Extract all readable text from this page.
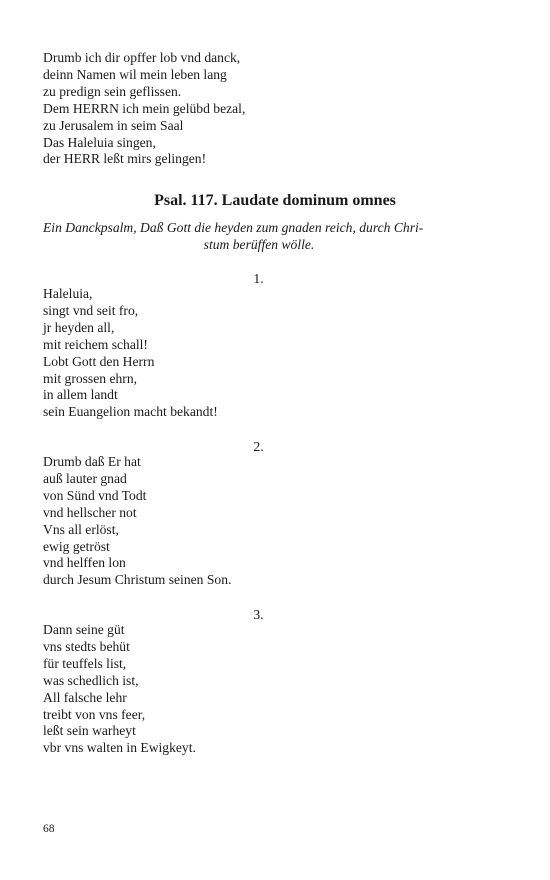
Drumb ich dir opffer lob vnd danck,
deinn Namen wil mein leben lang
zu predign sein geflissen.
Dem HERRN ich mein gelübd bezal,
zu Jerusalem in seim Saal
Das Haleluia singen,
der HERR leßt mirs gelingen!
Psal. 117. Laudate dominum omnes
Ein Danckpsalm, Daß Gott die heyden zum gnaden reich, durch Chri-
stum berüffen wölle.
1.
Haleluia,
singt vnd seit fro,
jr heyden all,
mit reichem schall!
Lobt Gott den Herrn
mit grossen ehrn,
in allem landt
sein Euangelion macht bekandt!
2.
Drumb daß Er hat
auß lauter gnad
von Sünd vnd Todt
vnd hellscher not
Vns all erlöst,
ewig getröst
vnd helffen lon
durch Jesum Christum seinen Son.
3.
Dann seine güt
vns stedts behüt
für teuffels list,
was schedlich ist,
All falsche lehr
treibt von vns feer,
leßt sein warheyt
vbr vns walten in Ewigkeyt.
68
